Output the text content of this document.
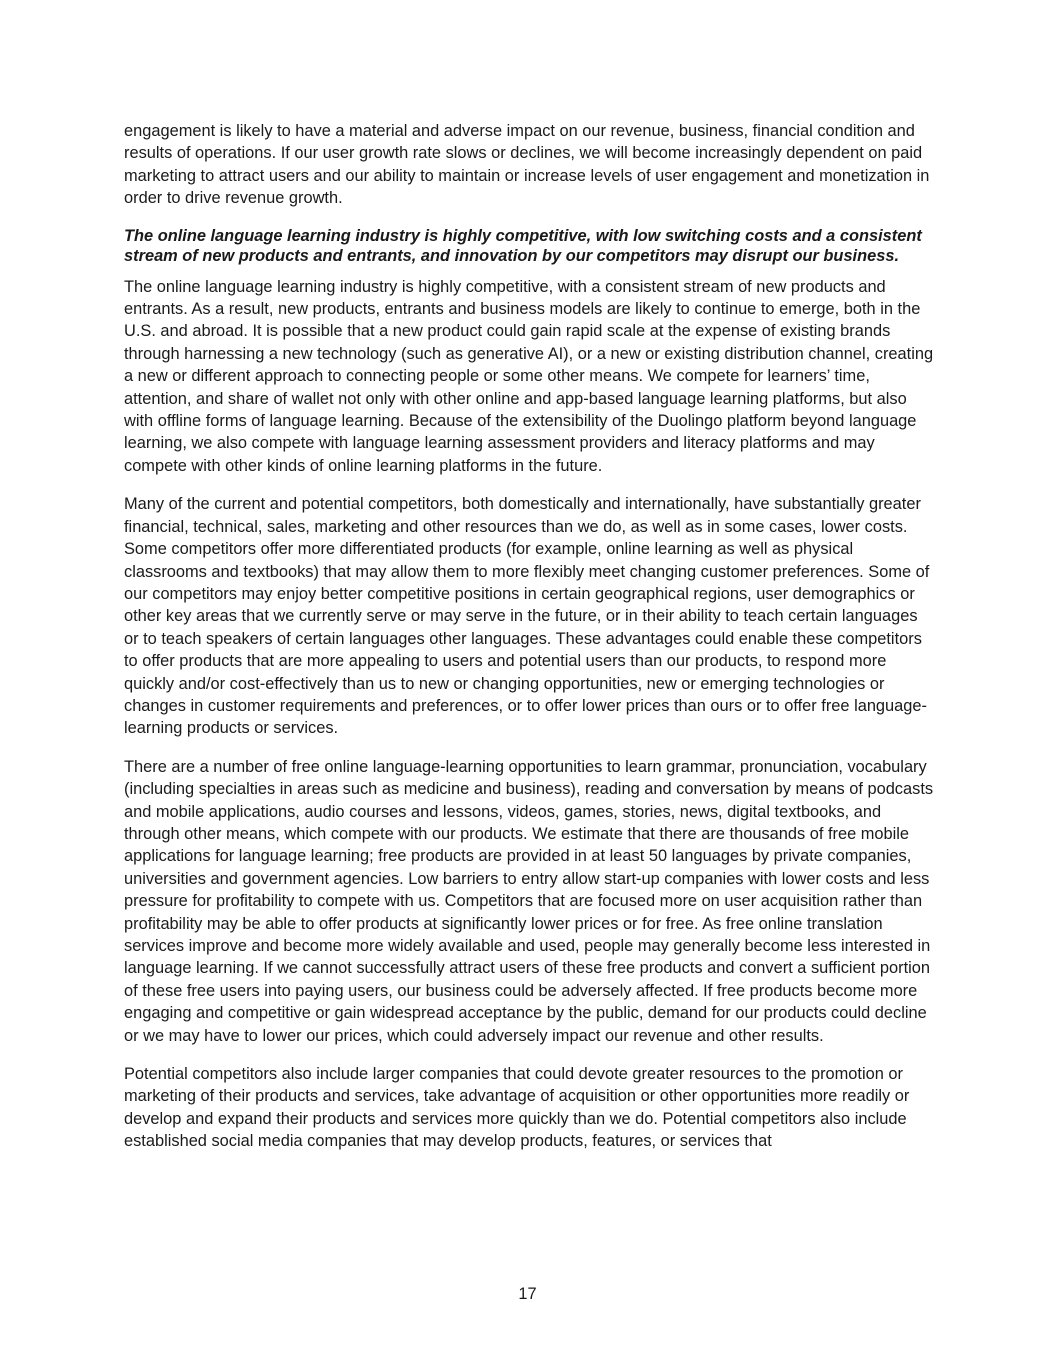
engagement is likely to have a material and adverse impact on our revenue, business, financial condition and results of operations. If our user growth rate slows or declines, we will become increasingly dependent on paid marketing to attract users and our ability to maintain or increase levels of user engagement and monetization in order to drive revenue growth.

The online language learning industry is highly competitive, with low switching costs and a consistent stream of new products and entrants, and innovation by our competitors may disrupt our business.

The online language learning industry is highly competitive, with a consistent stream of new products and entrants. As a result, new products, entrants and business models are likely to continue to emerge, both in the U.S. and abroad. It is possible that a new product could gain rapid scale at the expense of existing brands through harnessing a new technology (such as generative AI), or a new or existing distribution channel, creating a new or different approach to connecting people or some other means. We compete for learners’ time, attention, and share of wallet not only with other online and app-based language learning platforms, but also with offline forms of language learning. Because of the extensibility of the Duolingo platform beyond language learning, we also compete with language learning assessment providers and literacy platforms and may compete with other kinds of online learning platforms in the future.

Many of the current and potential competitors, both domestically and internationally, have substantially greater financial, technical, sales, marketing and other resources than we do, as well as in some cases, lower costs. Some competitors offer more differentiated products (for example, online learning as well as physical classrooms and textbooks) that may allow them to more flexibly meet changing customer preferences. Some of our competitors may enjoy better competitive positions in certain geographical regions, user demographics or other key areas that we currently serve or may serve in the future, or in their ability to teach certain languages or to teach speakers of certain languages other languages. These advantages could enable these competitors to offer products that are more appealing to users and potential users than our products, to respond more quickly and/or cost-effectively than us to new or changing opportunities, new or emerging technologies or changes in customer requirements and preferences, or to offer lower prices than ours or to offer free language-learning products or services.

There are a number of free online language-learning opportunities to learn grammar, pronunciation, vocabulary (including specialties in areas such as medicine and business), reading and conversation by means of podcasts and mobile applications, audio courses and lessons, videos, games, stories, news, digital textbooks, and through other means, which compete with our products. We estimate that there are thousands of free mobile applications for language learning; free products are provided in at least 50 languages by private companies, universities and government agencies. Low barriers to entry allow start-up companies with lower costs and less pressure for profitability to compete with us. Competitors that are focused more on user acquisition rather than profitability may be able to offer products at significantly lower prices or for free. As free online translation services improve and become more widely available and used, people may generally become less interested in language learning. If we cannot successfully attract users of these free products and convert a sufficient portion of these free users into paying users, our business could be adversely affected. If free products become more engaging and competitive or gain widespread acceptance by the public, demand for our products could decline or we may have to lower our prices, which could adversely impact our revenue and other results.

Potential competitors also include larger companies that could devote greater resources to the promotion or marketing of their products and services, take advantage of acquisition or other opportunities more readily or develop and expand their products and services more quickly than we do. Potential competitors also include established social media companies that may develop products, features, or services that

17
